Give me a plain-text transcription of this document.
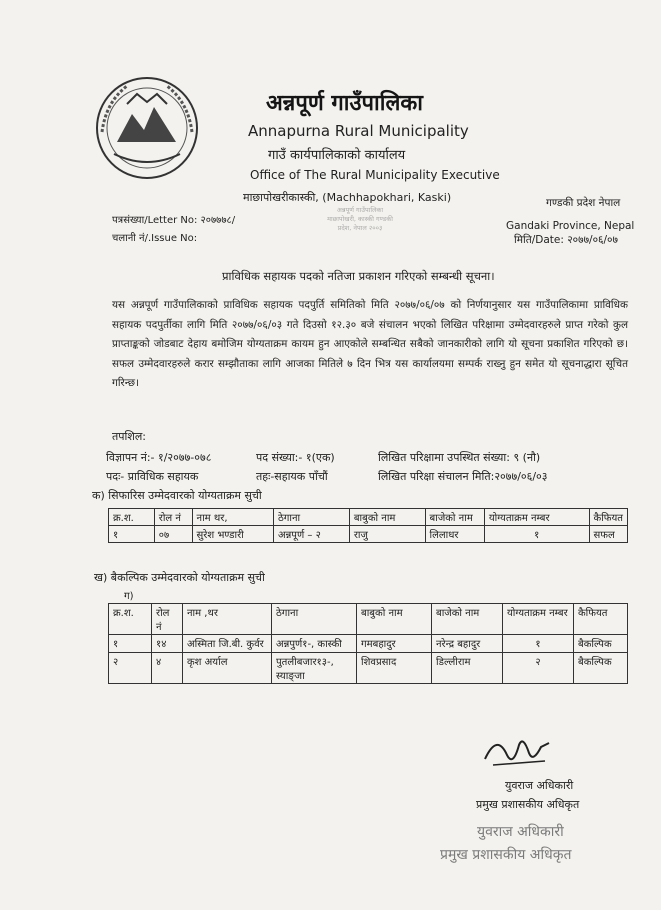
अन्नपूर्ण गाउँपालिका
Annapurna Rural Municipality
गाउँ कार्यपालिकाको कार्यालय
Office of The Rural Municipality Executive
माछापोखरीकास्की, (Machhapokhari, Kaski)	गण्डकी प्रदेश नेपाल
Gandaki Province, Nepal
मिति/Date: २०७७/०६/०७
पत्रसंख्या/Letter No: २०७७७८/
चलानी नं/.Issue No:
अन्नपूर्ण गाउँपालिका माछापोखरी, कास्की गण्डकी प्रदेश, नेपाल २००३
प्राविधिक सहायक पदको नतिजा प्रकाशन गरिएको सम्बन्धी सूचना।
यस अन्नपूर्ण गाउँपालिकाको प्राविधिक सहायक पदपुर्ति समितिको मिति २०७७/०६/०७ को निर्णयानुसार यस गाउँपालिकामा प्राविधिक सहायक पदपुर्तीका लागि मिति २०७७/०६/०३ गते दिउसो १२.३० बजे संचालन भएको लिखित परिक्षामा उम्मेदवारहरुले प्राप्त गरेको कुल प्राप्ताङ्कको जोडबाट देहाय बमोजिम योग्यताक्रम कायम हुन आएकोले सम्बन्धित सबैको जानकारीको लागि यो सूचना प्रकाशित गरिएको छ। सफल उम्मेदवारहरुले करार सम्झौताका लागि आजका मितिले ७ दिन भित्र यस कार्यालयमा सम्पर्क राख्नु हुन समेत यो सूचनाद्धारा सूचित गरिन्छ।
तपशिल:
विज्ञापन नं:- १/२०७७-०७८	पद संख्या:- १(एक)	लिखित परिक्षामा उपस्थित संख्या: ९ (नौ)
पदः- प्राविधिक सहायक	तहः-सहायक पाँचौं	लिखित परिक्षा संचालन मिति:२०७७/०६/०३
क) सिफारिस उम्मेदवारको योग्यताक्रम सुची
क्र.श.	रोल नं	नाम थर,	ठेगाना	बाबुको नाम	बाजेको नाम	योग्यताक्रम नम्बर	कैफियत
१	०७	सुरेश भण्डारी	अन्नपूर्ण – २	राजु	लिलाधर	१	सफल
ख) बैकल्पिक उम्मेदवारको योग्यताक्रम सुची
ग)
क्र.श.	रोल नं	नाम ,थर	ठेगाना	बाबुको नाम	बाजेको नाम	योग्यताक्रम नम्बर	कैफियत
१	१४	अस्मिता जि.बी. कुर्वर	अन्नपुर्ण१-, कास्की	गमबहादुर	नरेन्द्र बहादुर	१	बैकल्पिक
२	४	कृश अर्याल	पुतलीबजार१३-, स्याङ्जा	शिवप्रसाद	डिल्लीराम	२	बैकल्पिक
युवराज अधिकारी
प्रमुख प्रशासकीय अधिकृत
युवराज अधिकारी
प्रमुख प्रशासकीय अधिकृत
